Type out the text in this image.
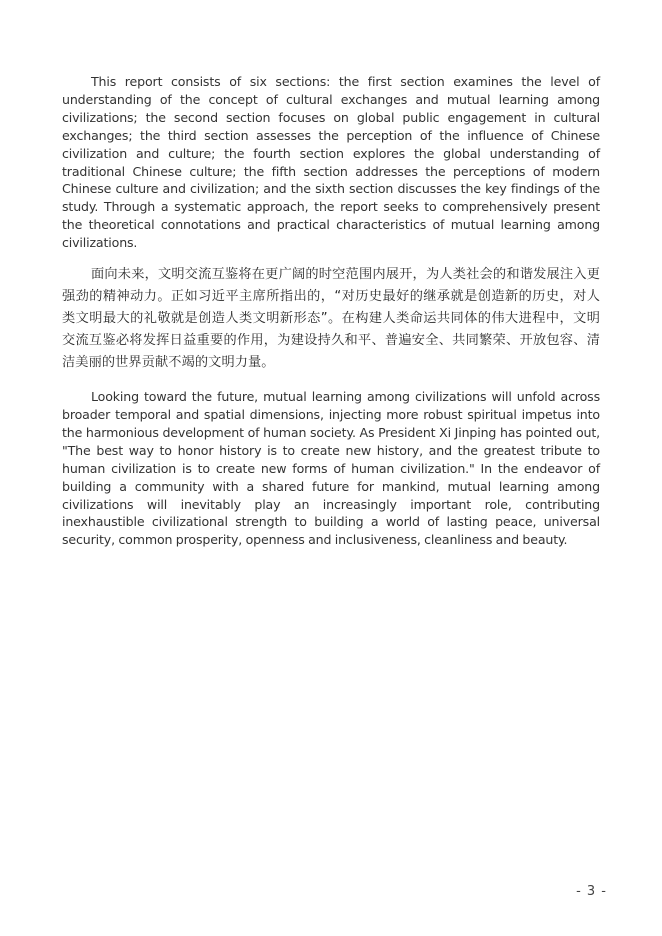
This report consists of six sections: the first section examines the level of understanding of the concept of cultural exchanges and mutual learning among civilizations; the second section focuses on global public engagement in cultural exchanges; the third section assesses the perception of the influence of Chinese civilization and culture; the fourth section explores the global understanding of traditional Chinese culture; the fifth section addresses the perceptions of modern Chinese culture and civilization; and the sixth section discusses the key findings of the study. Through a systematic approach, the report seeks to comprehensively present the theoretical connotations and practical characteristics of mutual learning among civilizations.

面向未来，文明交流互鉴将在更广阔的时空范围内展开，为人类社会的和谐发展注入更强劲的精神动力。正如习近平主席所指出的，“对历史最好的继承就是创造新的历史，对人类文明最大的礼敬就是创造人类文明新形态”。在构建人类命运共同体的伟大进程中，文明交流互鉴必将发挥日益重要的作用，为建设持久和平、普遍安全、共同繁荣、开放包容、清洁美丽的世界贡献不竭的文明力量。

Looking toward the future, mutual learning among civilizations will unfold across broader temporal and spatial dimensions, injecting more robust spiritual impetus into the harmonious development of human society. As President Xi Jinping has pointed out, "The best way to honor history is to create new history, and the greatest tribute to human civilization is to create new forms of human civilization." In the endeavor of building a community with a shared future for mankind, mutual learning among civilizations will inevitably play an increasingly important role, contributing inexhaustible civilizational strength to building a world of lasting peace, universal security, common prosperity, openness and inclusiveness, cleanliness and beauty.

- 3 -
